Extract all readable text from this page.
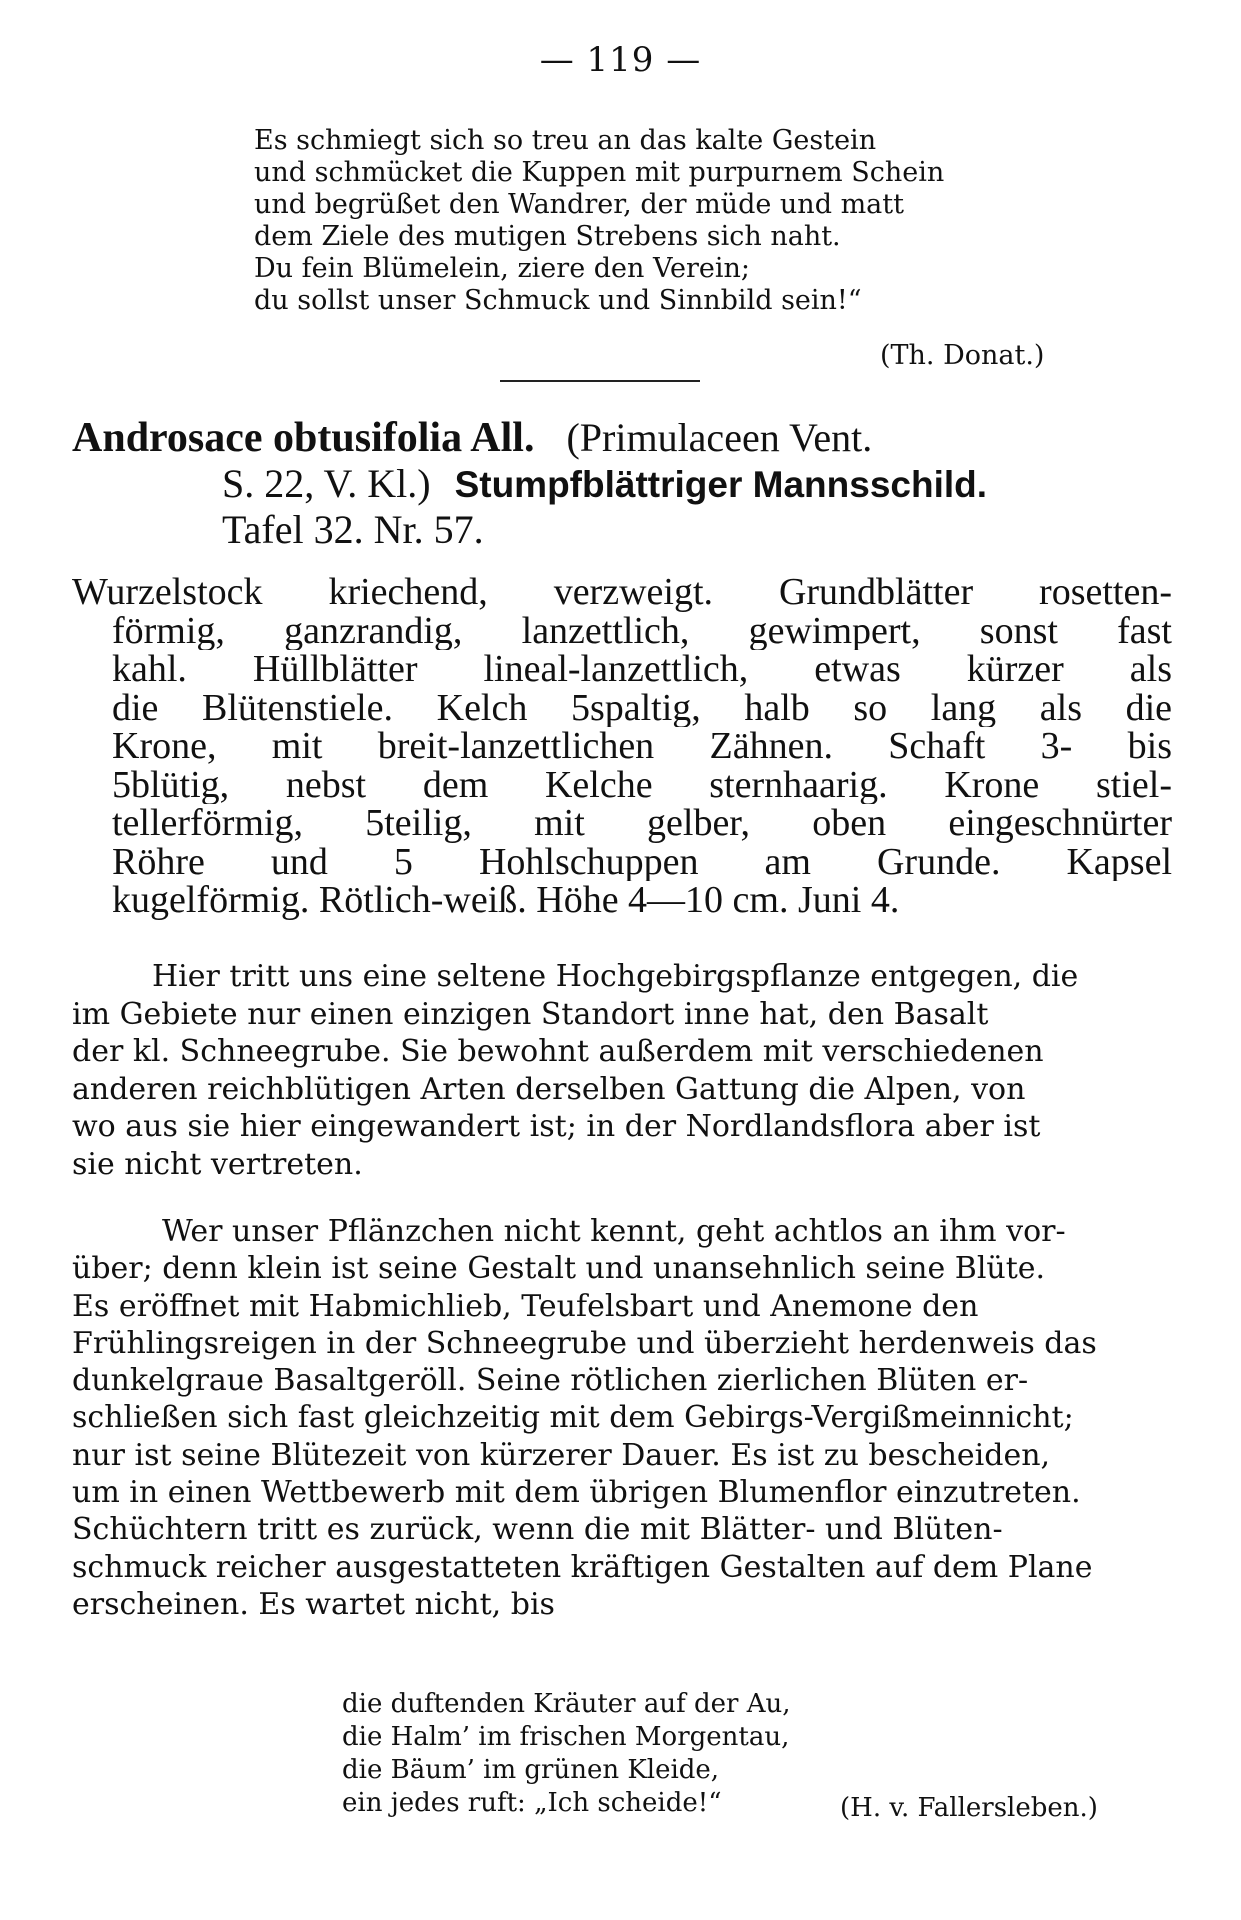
— 119 —
Es schmiegt sich so treu an das kalte Gestein
und schmücket die Kuppen mit purpurnem Schein
und begrüßet den Wandrer, der müde und matt
dem Ziele des mutigen Strebens sich naht.
Du fein Blümelein, ziere den Verein;
du sollst unser Schmuck und Sinnbild sein!“
(Th. Donat.)
Androsace obtusifolia All. (Primulaceen Vent.
S. 22, V. Kl.) Stumpfblättriger Mannsschild.
Tafel 32. Nr. 57.
Wurzelstock kriechend, verzweigt. Grundblätter rosetten-
förmig, ganzrandig, lanzettlich, gewimpert, sonst fast
kahl. Hüllblätter lineal-lanzettlich, etwas kürzer als
die Blütenstiele. Kelch 5spaltig, halb so lang als die
Krone, mit breit-lanzettlichen Zähnen. Schaft 3- bis
5blütig, nebst dem Kelche sternhaarig. Krone stiel-
tellerförmig, 5teilig, mit gelber, oben eingeschnürter
Röhre und 5 Hohlschuppen am Grunde. Kapsel
kugelförmig. Rötlich-weiß. Höhe 4—10 cm. Juni 4.
Hier tritt uns eine seltene Hochgebirgspflanze entgegen, die
im Gebiete nur einen einzigen Standort inne hat, den Basalt
der kl. Schneegrube. Sie bewohnt außerdem mit verschiedenen
anderen reichblütigen Arten derselben Gattung die Alpen, von
wo aus sie hier eingewandert ist; in der Nordlandsflora aber ist
sie nicht vertreten.
Wer unser Pflänzchen nicht kennt, geht achtlos an ihm vor-
über; denn klein ist seine Gestalt und unansehnlich seine Blüte.
Es eröffnet mit Habmichlieb, Teufelsbart und Anemone den
Frühlingsreigen in der Schneegrube und überzieht herdenweis das
dunkelgraue Basaltgeröll. Seine rötlichen zierlichen Blüten er-
schließen sich fast gleichzeitig mit dem Gebirgs-Vergißmeinnicht;
nur ist seine Blütezeit von kürzerer Dauer. Es ist zu bescheiden,
um in einen Wettbewerb mit dem übrigen Blumenflor einzutreten.
Schüchtern tritt es zurück, wenn die mit Blätter- und Blüten-
schmuck reicher ausgestatteten kräftigen Gestalten auf dem Plane
erscheinen. Es wartet nicht, bis
die duftenden Kräuter auf der Au,
die Halm’ im frischen Morgentau,
die Bäum’ im grünen Kleide,
ein jedes ruft: „Ich scheide!“	(H. v. Fallersleben.)
